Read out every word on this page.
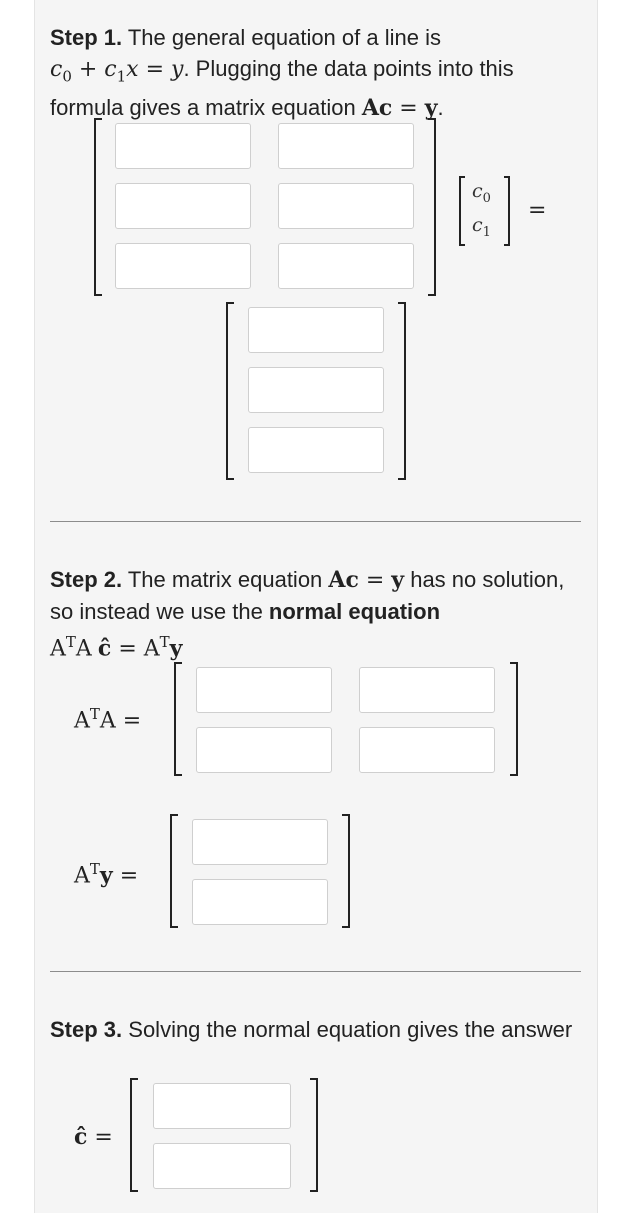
Step 1. The general equation of a line is
$c_0 + c_1x = y$. Plugging the data points into this formula gives a matrix equation Ac = y.
$c_0$
$c_1$
=
Step 2. The matrix equation Ac = y has no solution, so instead we use the normal equation
$A^TA$ ĉ = $A^Ty$
$A^TA$ =
$A^Ty$ =
Step 3. Solving the normal equation gives the answer
ĉ =
